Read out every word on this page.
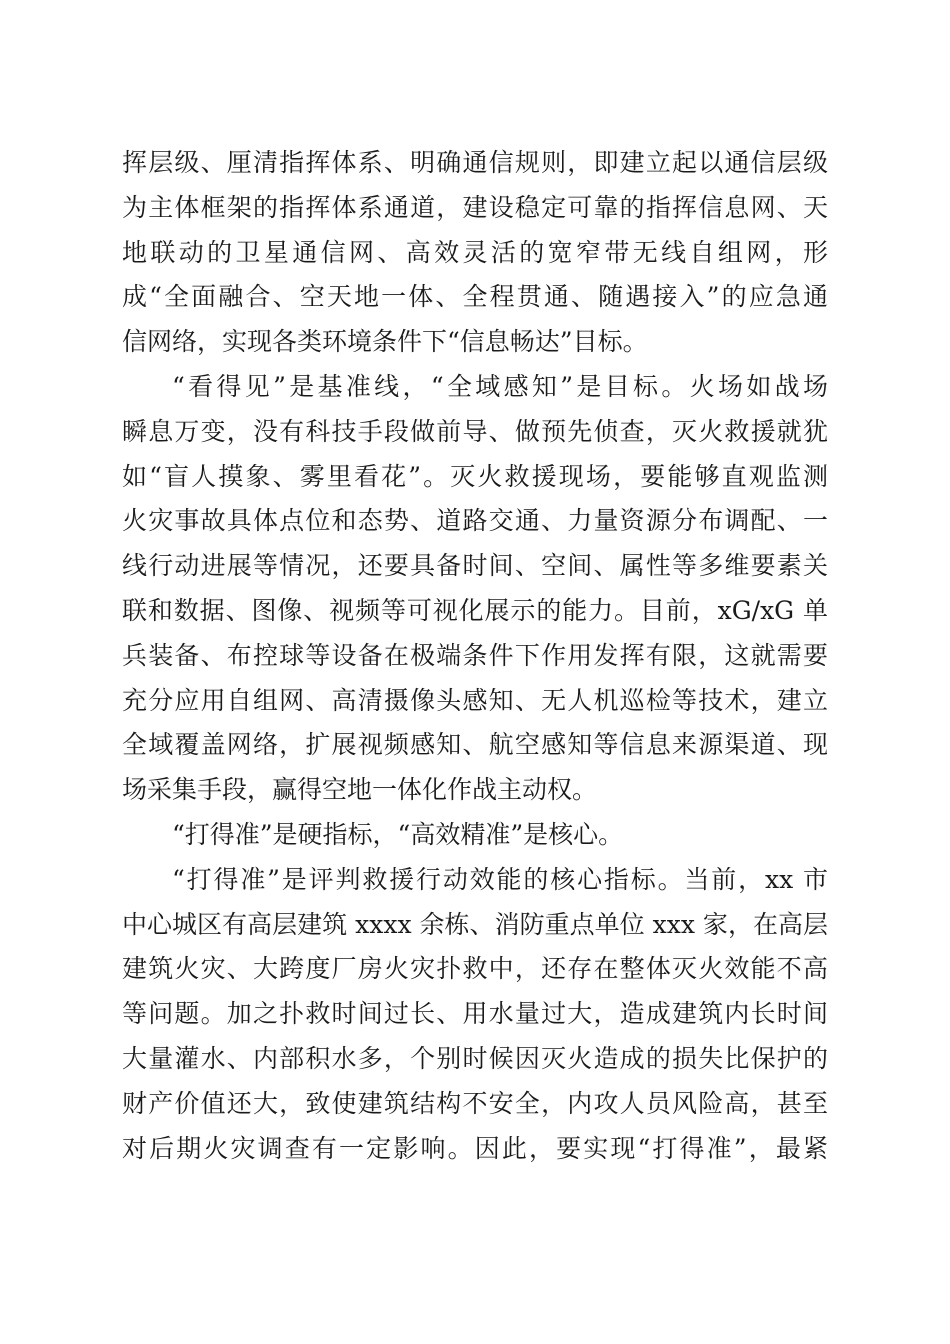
挥层级、厘清指挥体系、明确通信规则，即建立起以通信层级
为主体框架的指挥体系通道，建设稳定可靠的指挥信息网、天
地联动的卫星通信网、高效灵活的宽窄带无线自组网，形
成“全面融合、空天地一体、全程贯通、随遇接入”的应急通
信网络，实现各类环境条件下“信息畅达”目标。
“看得见”是基准线，“全域感知”是目标。火场如战场
瞬息万变，没有科技手段做前导、做预先侦查，灭火救援就犹
如“盲人摸象、雾里看花”。灭火救援现场，要能够直观监测
火灾事故具体点位和态势、道路交通、力量资源分布调配、一
线行动进展等情况，还要具备时间、空间、属性等多维要素关
联和数据、图像、视频等可视化展示的能力。目前，xG/xG 单
兵装备、布控球等设备在极端条件下作用发挥有限，这就需要
充分应用自组网、高清摄像头感知、无人机巡检等技术，建立
全域覆盖网络，扩展视频感知、航空感知等信息来源渠道、现
场采集手段，赢得空地一体化作战主动权。
“打得准”是硬指标，“高效精准”是核心。
“打得准”是评判救援行动效能的核心指标。当前，xx 市
中心城区有高层建筑 xxxx 余栋、消防重点单位 xxx 家，在高层
建筑火灾、大跨度厂房火灾扑救中，还存在整体灭火效能不高
等问题。加之扑救时间过长、用水量过大，造成建筑内长时间
大量灌水、内部积水多，个别时候因灭火造成的损失比保护的
财产价值还大，致使建筑结构不安全，内攻人员风险高，甚至
对后期火灾调查有一定影响。因此，要实现“打得准”，最紧
